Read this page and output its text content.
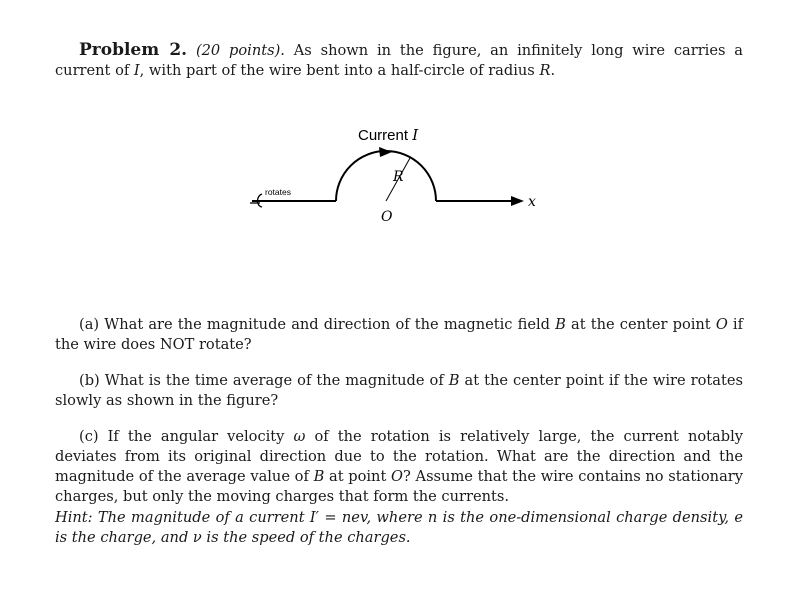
Problem 2. (20 points). As shown in the figure, an infinitely long wire carries a current of I, with part of the wire bent into a half-circle of radius R.

Current I
R
O
x
rotates

(a) What are the magnitude and direction of the magnetic field B at the center point O if the wire does NOT rotate?

(b) What is the time average of the magnitude of B at the center point if the wire rotates slowly as shown in the figure?

(c) If the angular velocity ω of the rotation is relatively large, the current notably deviates from its original direction due to the rotation. What are the direction and the magnitude of the average value of B at point O? Assume that the wire contains no stationary charges, but only the moving charges that form the currents.

Hint: The magnitude of a current I′ = nev, where n is the one-dimensional charge density, e is the charge, and ν is the speed of the charges.
